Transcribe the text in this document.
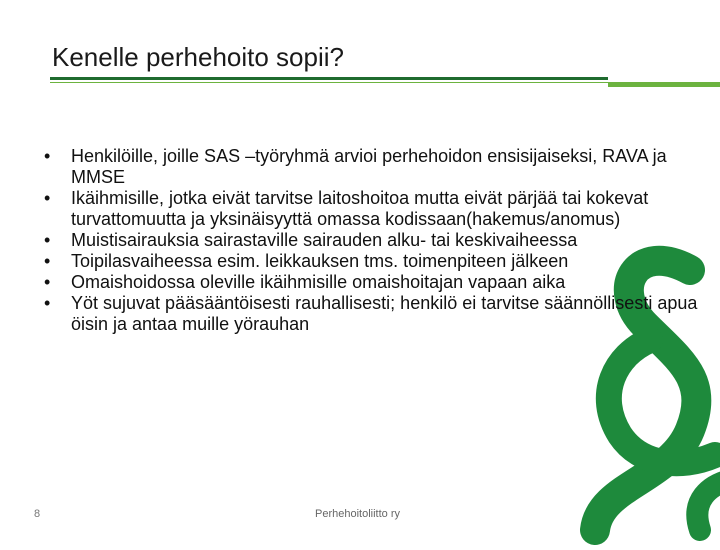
Kenelle perhehoito sopii?
• Henkilöille, joille SAS –työryhmä arvioi perhehoidon ensisijaiseksi, RAVA ja MMSE
• Ikäihmisille, jotka eivät tarvitse laitoshoitoa mutta eivät pärjää tai kokevat turvattomuutta ja yksinäisyyttä omassa kodissaan(hakemus/anomus)
• Muistisairauksia sairastaville sairauden alku- tai keskivaiheessa
• Toipilasvaiheessa esim. leikkauksen tms. toimenpiteen jälkeen
• Omaishoidossa oleville ikäihmisille omaishoitajan vapaan aika
• Yöt sujuvat pääsääntöisesti rauhallisesti; henkilö ei tarvitse säännöllisesti apua öisin ja antaa muille yörauhan
8	Perhehoitoliitto ry
